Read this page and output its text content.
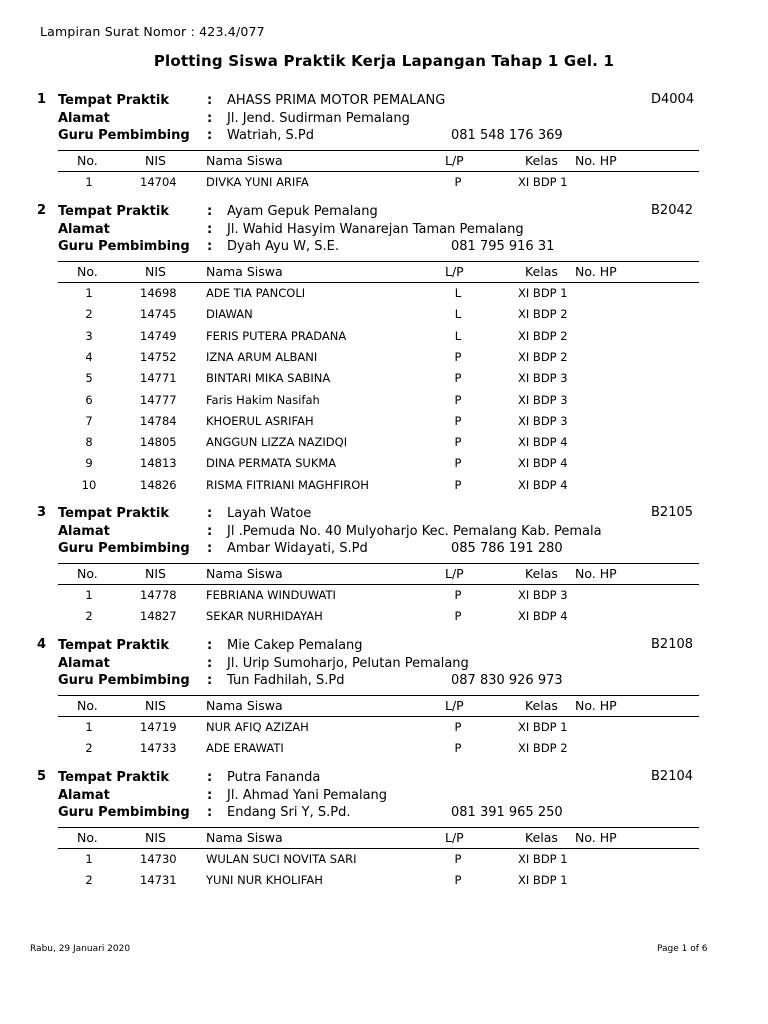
Lampiran Surat Nomor : 423.4/077
Plotting Siswa Praktik Kerja Lapangan Tahap 1 Gel. 1
1	D4004
Tempat Praktik	: AHASS PRIMA MOTOR PEMALANG
Alamat	: Jl. Jend. Sudirman Pemalang
Guru Pembimbing : Watriah, S.Pd	081 548 176 369
No.	NIS	Nama Siswa	L/P	Kelas No. HP
1	14704	DIVKA YUNI ARIFA	P	XI BDP 1
2	B2042
Tempat Praktik	: Ayam Gepuk Pemalang
Alamat	: Jl. Wahid Hasyim Wanarejan Taman Pemalang
Guru Pembimbing : Dyah Ayu W, S.E.	081 795 916 31
No.	NIS	Nama Siswa	L/P	Kelas No. HP
1	14698	ADE TIA PANCOLI	L	XI BDP 1
2	14745	DIAWAN	L	XI BDP 2
3	14749	FERIS PUTERA PRADANA	L	XI BDP 2
4	14752	IZNA ARUM ALBANI	P	XI BDP 2
5	14771	BINTARI MIKA SABINA	P	XI BDP 3
6	14777	Faris Hakim Nasifah	P	XI BDP 3
7	14784	KHOERUL ASRIFAH	P	XI BDP 3
8	14805	ANGGUN LIZZA NAZIDQI	P	XI BDP 4
9	14813	DINA PERMATA SUKMA	P	XI BDP 4
10	14826	RISMA FITRIANI MAGHFIROH	P	XI BDP 4
3	B2105
Tempat Praktik	: Layah Watoe
Alamat	: Jl .Pemuda No. 40 Mulyoharjo Kec. Pemalang Kab. Pemala
Guru Pembimbing : Ambar Widayati, S.Pd	085 786 191 280
No.	NIS	Nama Siswa	L/P	Kelas No. HP
1	14778	FEBRIANA WINDUWATI	P	XI BDP 3
2	14827	SEKAR NURHIDAYAH	P	XI BDP 4
4	B2108
Tempat Praktik	: Mie Cakep Pemalang
Alamat	: Jl. Urip Sumoharjo, Pelutan Pemalang
Guru Pembimbing : Tun Fadhilah, S.Pd	087 830 926 973
No.	NIS	Nama Siswa	L/P	Kelas No. HP
1	14719	NUR AFIQ AZIZAH	P	XI BDP 1
2	14733	ADE ERAWATI	P	XI BDP 2
5	B2104
Tempat Praktik	: Putra Fananda
Alamat	: Jl. Ahmad Yani Pemalang
Guru Pembimbing : Endang Sri Y, S.Pd.	081 391 965 250
No.	NIS	Nama Siswa	L/P	Kelas No. HP
1	14730	WULAN SUCI NOVITA SARI	P	XI BDP 1
2	14731	YUNI NUR KHOLIFAH	P	XI BDP 1
Rabu, 29 Januari 2020	Page 1 of 6
